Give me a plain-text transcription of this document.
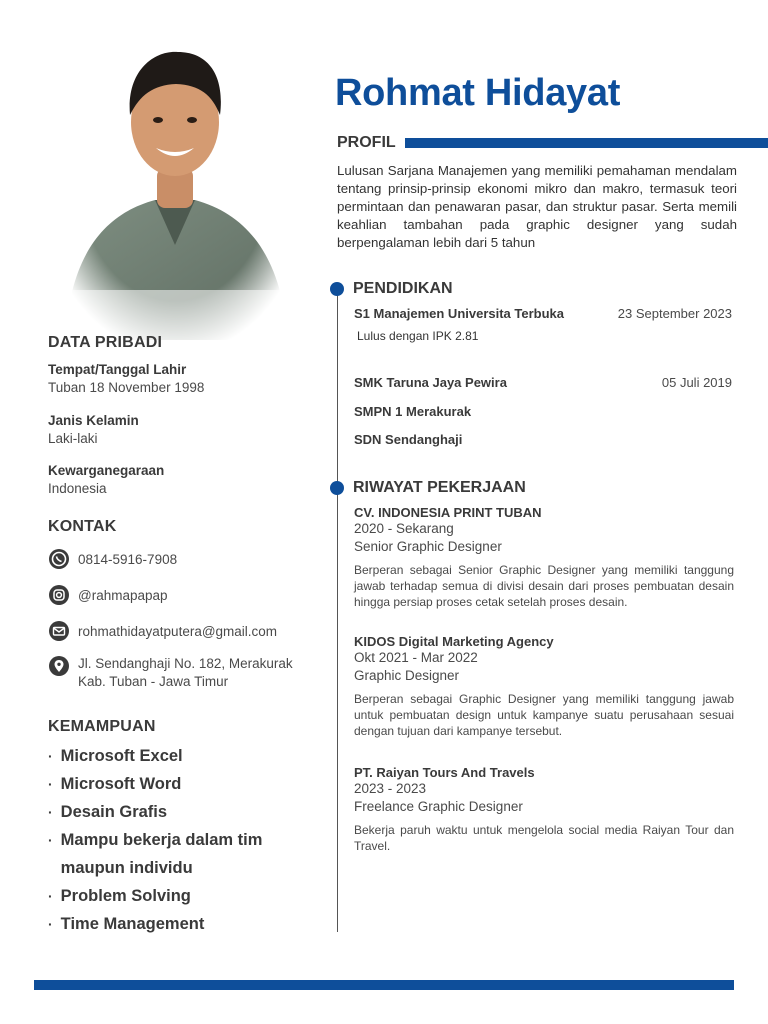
DATA PRIBADI
Tempat/Tanggal Lahir
Tuban 18 November 1998
Janis Kelamin
Laki-laki
Kewarganegaraan
Indonesia
KONTAK
0814-5916-7908
@rahmapapap
rohmathidayatputera@gmail.com
Jl. Sendanghaji No. 182, Merakurak
Kab. Tuban - Jawa Timur
KEMAMPUAN
· Microsoft Excel
· Microsoft Word
· Desain Grafis
· Mampu bekerja dalam tim
maupun individu
· Problem Solving
· Time Management
Rohmat Hidayat
PROFIL
Lulusan Sarjana Manajemen yang memiliki pemahaman mendalam tentang prinsip-prinsip ekonomi mikro dan makro, termasuk teori permintaan dan penawaran pasar, dan struktur pasar. Serta memili keahlian tambahan pada graphic designer yang sudah berpengalaman lebih dari 5 tahun
PENDIDIKAN
S1 Manajemen Universita Terbuka	23 September 2023
Lulus dengan IPK 2.81
SMK Taruna Jaya Pewira	05 Juli 2019
SMPN 1 Merakurak
SDN Sendanghaji
RIWAYAT PEKERJAAN
CV. INDONESIA PRINT TUBAN
2020 - Sekarang
Senior Graphic Designer
Berperan sebagai Senior Graphic Designer yang memiliki tanggung jawab terhadap semua di divisi desain dari proses pembuatan desain hingga persiap proses cetak setelah proses desain.
KIDOS Digital Marketing Agency
Okt 2021 - Mar 2022
Graphic Designer
Berperan sebagai Graphic Designer yang memiliki tanggung jawab untuk pembuatan design untuk kampanye suatu perusahaan sesuai dengan tujuan dari kampanye tersebut.
PT. Raiyan Tours And Travels
2023 - 2023
Freelance Graphic Designer
Bekerja paruh waktu untuk mengelola social media Raiyan Tour dan Travel.
